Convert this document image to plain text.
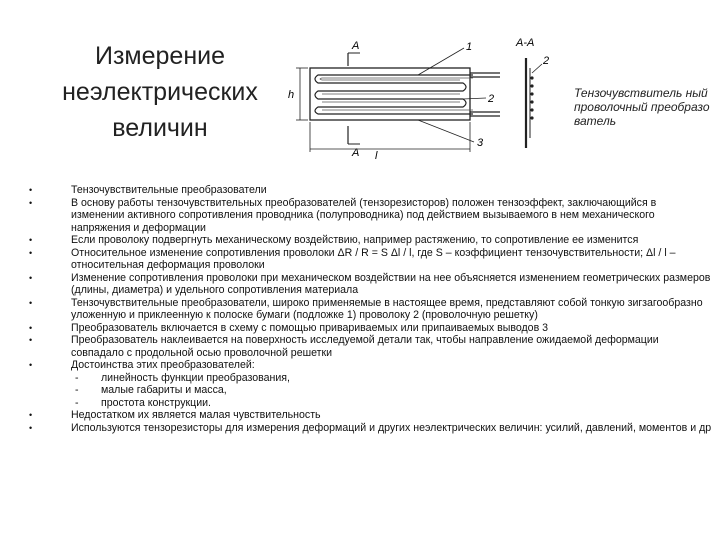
Измерение
неэлектрических
величин
A
h
l
A
1
2
3
A-A
2
Тензочувствитель ный проволочный преобразователь
•	Тензочувствительные преобразователи
•	В основу работы тензочувствительных преобразователей (тензорезисторов) положен тензоэффект, заключающийся в изменении активного сопротивления проводника (полупроводника) под действием вызываемого в нем механического напряжения и деформации
•	Если проволоку подвергнуть механическому воздействию, например растяжению, то сопротивление ее изменится
•	Относительное изменение сопротивления проволоки ΔR / R = S Δl / l, где S – коэффициент тензочувствительности; Δl / l – относительная деформация проволоки
•	Изменение сопротивления проволоки при механическом воздействии на нее объясняется изменением геометрических размеров (длины, диаметра) и удельного сопротивления материала
•	Тензочувствительные преобразователи, широко применяемые в настоящее время, представляют собой тонкую зигзагообразно уложенную и приклеенную к полоске бумаги (подложке 1) проволоку 2 (проволочную решетку)
•	Преобразователь включается в схему с помощью привариваемых или припаиваемых выводов 3
•	Преобразователь наклеивается на поверхность исследуемой детали так, чтобы направление ожидаемой деформации совпадало с продольной осью проволочной решетки
•	Достоинства этих преобразователей:
- линейность функции преобразования,
- малые габариты и масса,
- простота конструкции.
•	Недостатком их является малая чувствительность
•	Используются тензорезисторы для измерения деформаций и других неэлектрических величин: усилий, давлений, моментов и др
